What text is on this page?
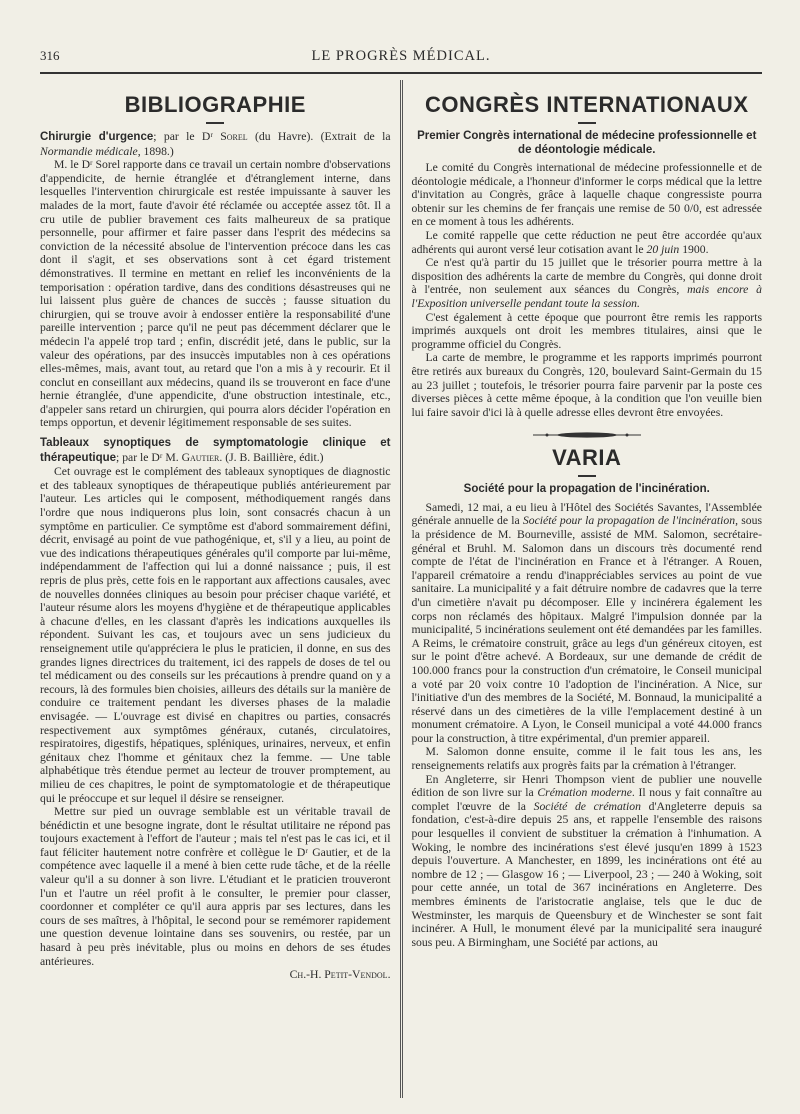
316	LE PROGRÈS MÉDICAL.
BIBLIOGRAPHIE

Chirurgie d'urgence; par le Dʳ Sorel (du Havre). (Extrait de la Normandie médicale, 1898.)

M. le Dʳ Sorel rapporte dans ce travail un certain nombre d'observations d'appendicite, de hernie étranglée et d'étranglement interne, dans lesquelles l'intervention chirurgicale est restée impuissante à sauver les malades de la mort, faute d'avoir été réclamée ou acceptée assez tôt. Il a cru utile de publier bravement ces faits malheureux de sa pratique personnelle, pour affirmer et faire passer dans l'esprit des médecins sa conviction de la nécessité absolue de l'intervention précoce dans les cas dont il s'agit, et ses observations sont à cet égard tristement démonstratives. Il termine en mettant en relief les inconvénients de la temporisation : opération tardive, dans des conditions désastreuses qui ne lui laissent plus guère de chances de succès ; fausse situation du chirurgien, qui se trouve avoir à endosser entière la responsabilité d'une pareille intervention ; parce qu'il ne peut pas décemment déclarer que le médecin l'a appelé trop tard ; enfin, discrédit jeté, dans le public, sur la valeur des opérations, par des insuccès imputables non à ces opérations elles-mêmes, mais, avant tout, au retard que l'on a mis à y recourir. Et il conclut en conseillant aux médecins, quand ils se trouveront en face d'une hernie étranglée, d'une appendicite, d'une obstruction intestinale, etc., d'appeler sans retard un chirurgien, qui pourra alors décider l'opération en temps opportun, et devenir légitimement responsable de ses suites.

Tableaux synoptiques de symptomatologie clinique et thérapeutique; par le Dʳ M. Gautier. (J. B. Baillière, édit.)

Cet ouvrage est le complément des tableaux synoptiques de diagnostic et des tableaux synoptiques de thérapeutique publiés antérieurement par l'auteur. Les articles qui le composent, méthodiquement rangés dans l'ordre que nous indiquerons plus loin, sont consacrés chacun à un symptôme en particulier. Ce symptôme est d'abord sommairement défini, décrit, envisagé au point de vue pathogénique, et, s'il y a lieu, au point de vue des indications thérapeutiques générales qu'il comporte par lui-même, indépendamment de l'affection qui lui a donné naissance ; puis, il est repris de plus près, cette fois en le rapportant aux affections causales, avec de nouvelles données cliniques au besoin pour préciser chaque variété, et l'auteur résume alors les moyens d'hygiène et de thérapeutique applicables à chacune d'elles, en les classant d'après les indications auxquelles ils répondent. Suivant les cas, et toujours avec un sens judicieux du renseignement utile qu'appréciera le plus le praticien, il donne, en sus des grandes lignes directrices du traitement, ici des rappels de doses de tel ou tel médicament ou des conseils sur les précautions à prendre quand on y a recours, là des formules bien choisies, ailleurs des détails sur la manière de conduire ce traitement pendant les diverses phases de la maladie envisagée. — L'ouvrage est divisé en chapitres ou parties, consacrés respectivement aux symptômes généraux, cutanés, circulatoires, respiratoires, digestifs, hépatiques, spléniques, urinaires, nerveux, et enfin génitaux chez l'homme et génitaux chez la femme. — Une table alphabétique très étendue permet au lecteur de trouver promptement, au milieu de ces chapitres, le point de symptomatologie et de thérapeutique qui le préoccupe et sur lequel il désire se renseigner.

Mettre sur pied un ouvrage semblable est un véritable travail de bénédictin et une besogne ingrate, dont le résultat utilitaire ne répond pas toujours exactement à l'effort de l'auteur ; mais tel n'est pas le cas ici, et il faut féliciter hautement notre confrère et collègue le Dʳ Gautier, et de la compétence avec laquelle il a mené à bien cette rude tâche, et de la réelle valeur qu'il a su donner à son livre. L'étudiant et le praticien trouveront l'un et l'autre un réel profit à le consulter, le premier pour classer, coordonner et compléter ce qu'il aura appris par ses lectures, dans les cours de ses maîtres, à l'hôpital, le second pour se remémorer rapidement une question devenue lointaine dans ses souvenirs, ou restée, par un hasard à peu près inévitable, plus ou moins en dehors de ses études antérieures.

Ch.-H. Petit-Vendol.

CONGRÈS INTERNATIONAUX
Premier Congrès international de médecine professionnelle et de déontologie médicale.

Le comité du Congrès international de médecine professionnelle et de déontologie médicale, a l'honneur d'informer le corps médical que la lettre d'invitation au Congrès, grâce à laquelle chaque congressiste pourra obtenir sur les chemins de fer français une remise de 50 0/0, est adressée en ce moment à tous les adhérents.

Le comité rappelle que cette réduction ne peut être accordée qu'aux adhérents qui auront versé leur cotisation avant le 20 juin 1900.

Ce n'est qu'à partir du 15 juillet que le trésorier pourra mettre à la disposition des adhérents la carte de membre du Congrès, qui donne droit à l'entrée, non seulement aux séances du Congrès, mais encore à l'Exposition universelle pendant toute la session.

C'est également à cette époque que pourront être remis les rapports imprimés auxquels ont droit les membres titulaires, ainsi que le programme officiel du Congrès.

La carte de membre, le programme et les rapports imprimés pourront être retirés aux bureaux du Congrès, 120, boulevard Saint-Germain du 15 au 23 juillet ; toutefois, le trésorier pourra faire parvenir par la poste ces diverses pièces à cette même époque, à la condition que l'on veuille bien lui faire savoir d'ici là à quelle adresse elles devront être envoyées.

VARIA
Société pour la propagation de l'incinération.

Samedi, 12 mai, a eu lieu à l'Hôtel des Sociétés Savantes, l'Assemblée générale annuelle de la Société pour la propagation de l'incinération, sous la présidence de M. Bourneville, assisté de MM. Salomon, secrétaire-général et Bruhl. M. Salomon dans un discours très documenté rend compte de l'état de l'incinération en France et à l'étranger. A Rouen, l'appareil crématoire a rendu d'inappréciables services au point de vue sanitaire. La municipalité y a fait détruire nombre de cadavres que la terre d'un cimetière n'avait pu décomposer. Elle y incinérera également les corps non réclamés des hôpitaux. Malgré l'impulsion donnée par la municipalité, 5 incinérations seulement ont été demandées par les familles. A Reims, le crématoire construit, grâce au legs d'un généreux citoyen, est sur le point d'être achevé. A Bordeaux, sur une demande de crédit de 100.000 francs pour la construction d'un crématoire, le Conseil municipal a voté par 20 voix contre 10 l'adoption de l'incinération. A Nice, sur l'initiative d'un des membres de la Société, M. Bonnaud, la municipalité a réservé dans un des cimetières de la ville l'emplacement destiné à un monument crématoire. A Lyon, le Conseil municipal a voté 44.000 francs pour la construction, à titre expérimental, d'un premier appareil.

M. Salomon donne ensuite, comme il le fait tous les ans, les renseignements relatifs aux progrès faits par la crémation à l'étranger.

En Angleterre, sir Henri Thompson vient de publier une nouvelle édition de son livre sur la Crémation moderne. Il nous y fait connaître au complet l'œuvre de la Société de crémation d'Angleterre depuis sa fondation, c'est-à-dire depuis 25 ans, et rappelle l'ensemble des raisons pour lesquelles il convient de substituer la crémation à l'inhumation. A Woking, le nombre des incinérations s'est élevé jusqu'en 1899 à 1523 depuis l'ouverture. A Manchester, en 1899, les incinérations ont été au nombre de 12 ; — Glasgow 16 ; — Liverpool, 23 ; — 240 à Woking, soit pour cette année, un total de 367 incinérations en Angleterre. Des membres éminents de l'aristocratie anglaise, tels que le duc de Westminster, les marquis de Queensbury et de Winchester se sont fait incinérer. A Hull, le monument élevé par la municipalité sera inauguré sous peu. A Birmingham, une Société par actions, au
